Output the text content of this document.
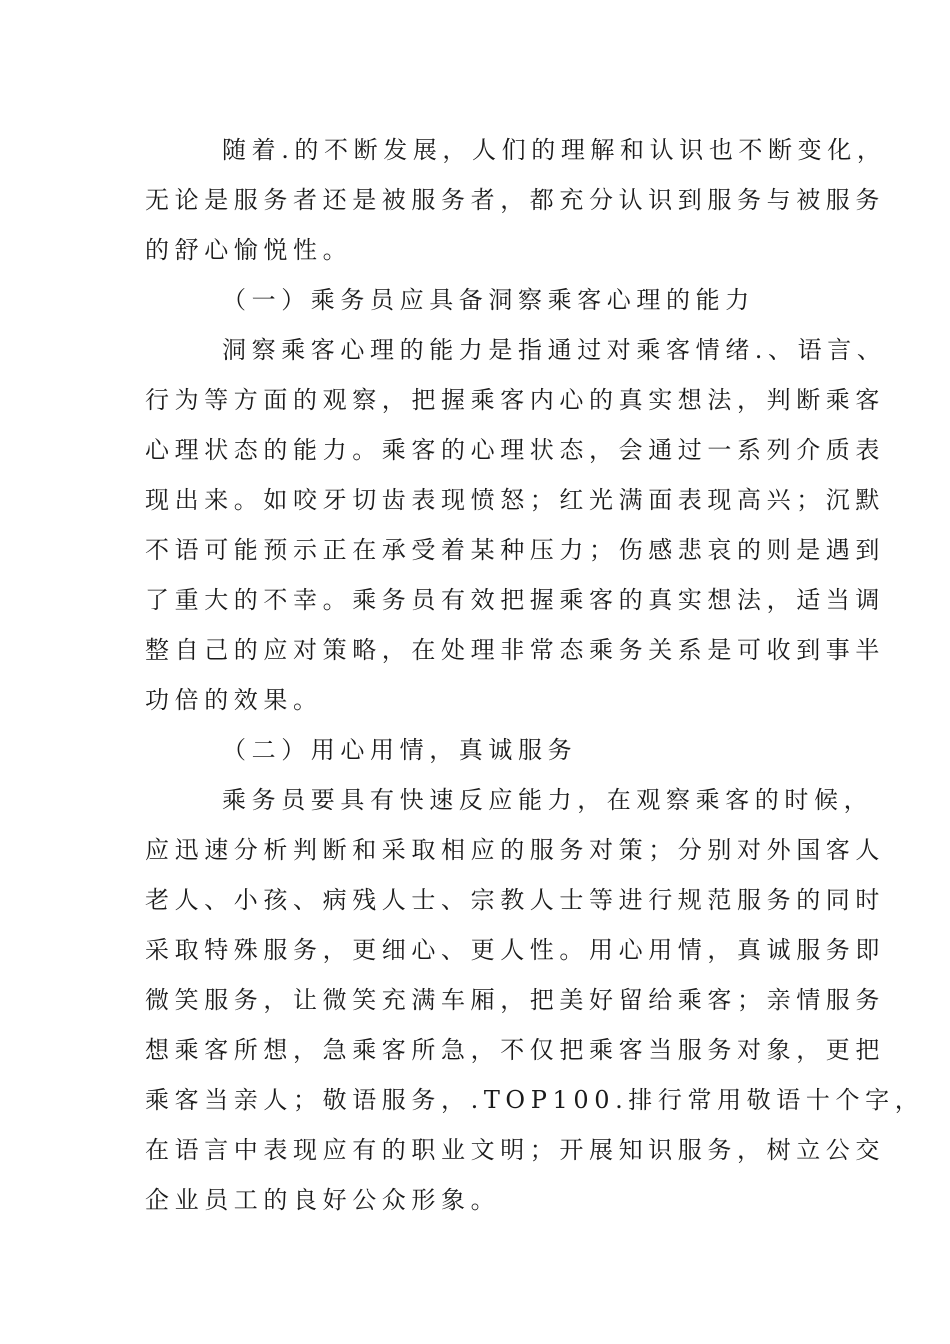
随着.的不断发展，人们的理解和认识也不断变化，
无论是服务者还是被服务者，都充分认识到服务与被服务
的舒心愉悦性。
（一）乘务员应具备洞察乘客心理的能力
洞察乘客心理的能力是指通过对乘客情绪.、语言、
行为等方面的观察，把握乘客内心的真实想法，判断乘客
心理状态的能力。乘客的心理状态，会通过一系列介质表
现出来。如咬牙切齿表现愤怒；红光满面表现高兴；沉默
不语可能预示正在承受着某种压力；伤感悲哀的则是遇到
了重大的不幸。乘务员有效把握乘客的真实想法，适当调
整自己的应对策略，在处理非常态乘务关系是可收到事半
功倍的效果。
（二）用心用情，真诚服务
乘务员要具有快速反应能力，在观察乘客的时候，
应迅速分析判断和采取相应的服务对策；分别对外国客人
老人、小孩、病残人士、宗教人士等进行规范服务的同时
采取特殊服务，更细心、更人性。用心用情，真诚服务即
微笑服务，让微笑充满车厢，把美好留给乘客；亲情服务
想乘客所想，急乘客所急，不仅把乘客当服务对象，更把
乘客当亲人；敬语服务，.TOP100.排行常用敬语十个字，
在语言中表现应有的职业文明；开展知识服务，树立公交
企业员工的良好公众形象。
